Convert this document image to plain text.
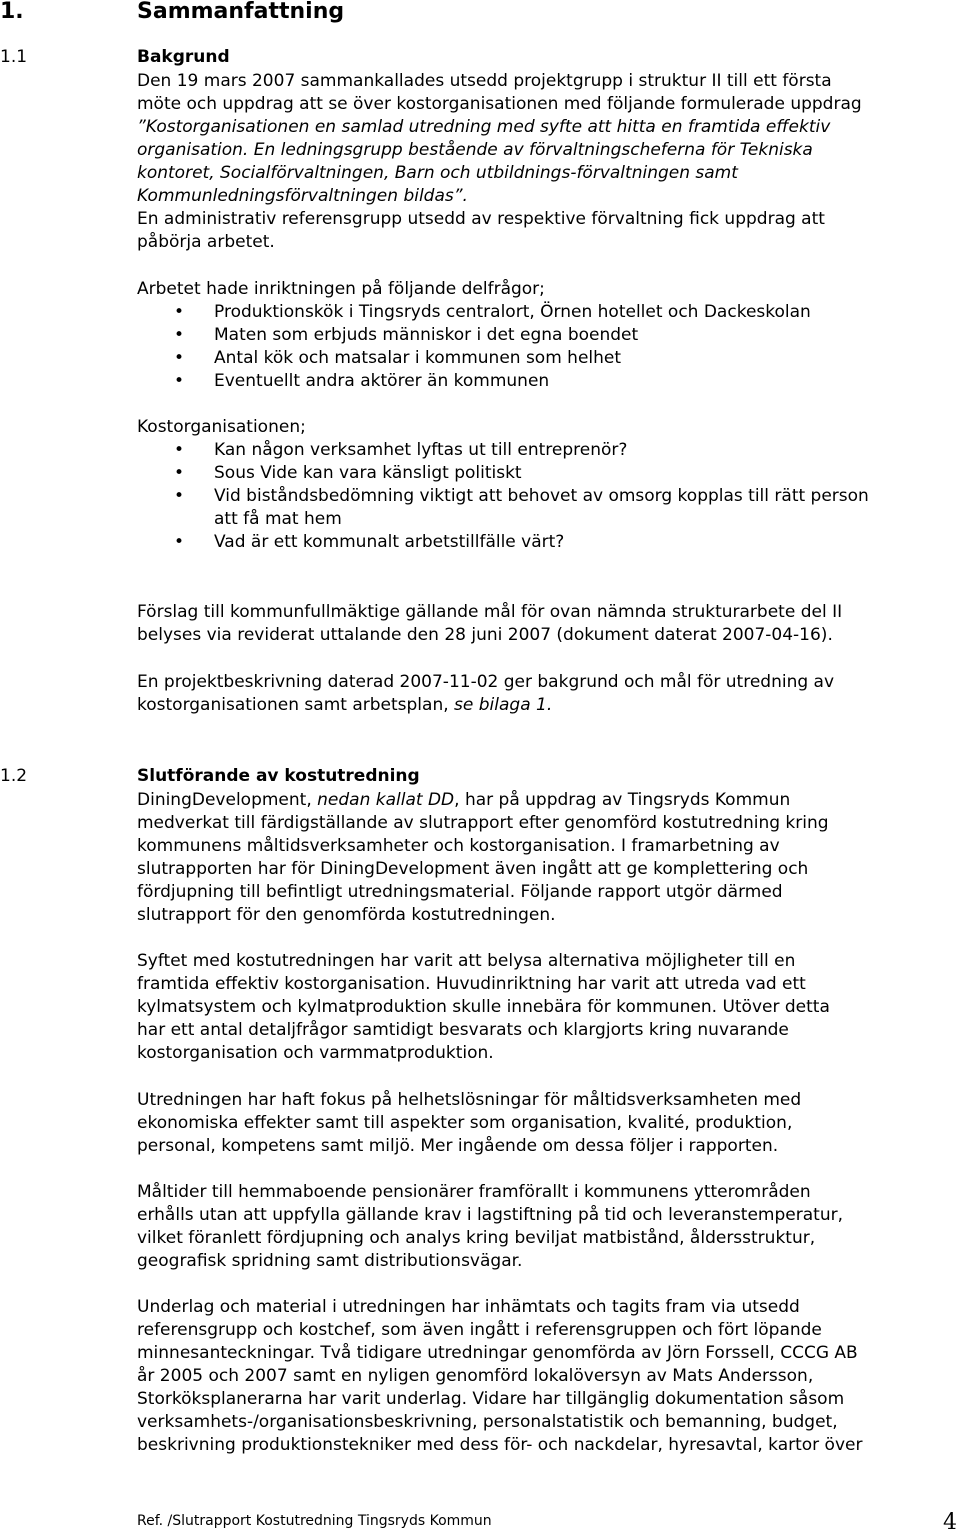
1.	Sammanfattning
1.1	Bakgrund
Den 19 mars 2007 sammankallades utsedd projektgrupp i struktur II till ett första
möte och uppdrag att se över kostorganisationen med följande formulerade uppdrag
”Kostorganisationen en samlad utredning med syfte att hitta en framtida effektiv
organisation. En ledningsgrupp bestående av förvaltningscheferna för Tekniska
kontoret, Socialförvaltningen, Barn och utbildnings-förvaltningen samt
Kommunledningsförvaltningen bildas”.
En administrativ referensgrupp utsedd av respektive förvaltning fick uppdrag att
påbörja arbetet.
Arbetet hade inriktningen på följande delfrågor;
• Produktionskök i Tingsryds centralort, Örnen hotellet och Dackeskolan
• Maten som erbjuds människor i det egna boendet
• Antal kök och matsalar i kommunen som helhet
• Eventuellt andra aktörer än kommunen
Kostorganisationen;
• Kan någon verksamhet lyftas ut till entreprenör?
• Sous Vide kan vara känsligt politiskt
• Vid biståndsbedömning viktigt att behovet av omsorg kopplas till rätt person
att få mat hem
• Vad är ett kommunalt arbetstillfälle värt?
Förslag till kommunfullmäktige gällande mål för ovan nämnda strukturarbete del II
belyses via reviderat uttalande den 28 juni 2007 (dokument daterat 2007-04-16).
En projektbeskrivning daterad 2007-11-02 ger bakgrund och mål för utredning av
kostorganisationen samt arbetsplan, se bilaga 1.
1.2	Slutförande av kostutredning
DiningDevelopment, nedan kallat DD, har på uppdrag av Tingsryds Kommun
medverkat till färdigställande av slutrapport efter genomförd kostutredning kring
kommunens måltidsverksamheter och kostorganisation. I framarbetning av
slutrapporten har för DiningDevelopment även ingått att ge komplettering och
fördjupning till befintligt utredningsmaterial. Följande rapport utgör därmed
slutrapport för den genomförda kostutredningen.
Syftet med kostutredningen har varit att belysa alternativa möjligheter till en
framtida effektiv kostorganisation. Huvudinriktning har varit att utreda vad ett
kylmatsystem och kylmatproduktion skulle innebära för kommunen. Utöver detta
har ett antal detaljfrågor samtidigt besvarats och klargjorts kring nuvarande
kostorganisation och varmmatproduktion.
Utredningen har haft fokus på helhetslösningar för måltidsverksamheten med
ekonomiska effekter samt till aspekter som organisation, kvalité, produktion,
personal, kompetens samt miljö. Mer ingående om dessa följer i rapporten.
Måltider till hemmaboende pensionärer framförallt i kommunens ytterområden
erhålls utan att uppfylla gällande krav i lagstiftning på tid och leveranstemperatur,
vilket föranlett fördjupning och analys kring beviljat matbistånd, åldersstruktur,
geografisk spridning samt distributionsvägar.
Underlag och material i utredningen har inhämtats och tagits fram via utsedd
referensgrupp och kostchef, som även ingått i referensgruppen och fört löpande
minnesanteckningar. Två tidigare utredningar genomförda av Jörn Forssell, CCCG AB
år 2005 och 2007 samt en nyligen genomförd lokalöversyn av Mats Andersson,
Storköksplanerarna har varit underlag. Vidare har tillgänglig dokumentation såsom
verksamhets-/organisationsbeskrivning, personalstatistik och bemanning, budget,
beskrivning produktionstekniker med dess för- och nackdelar, hyresavtal, kartor över
Ref. /Slutrapport Kostutredning Tingsryds Kommun	4
